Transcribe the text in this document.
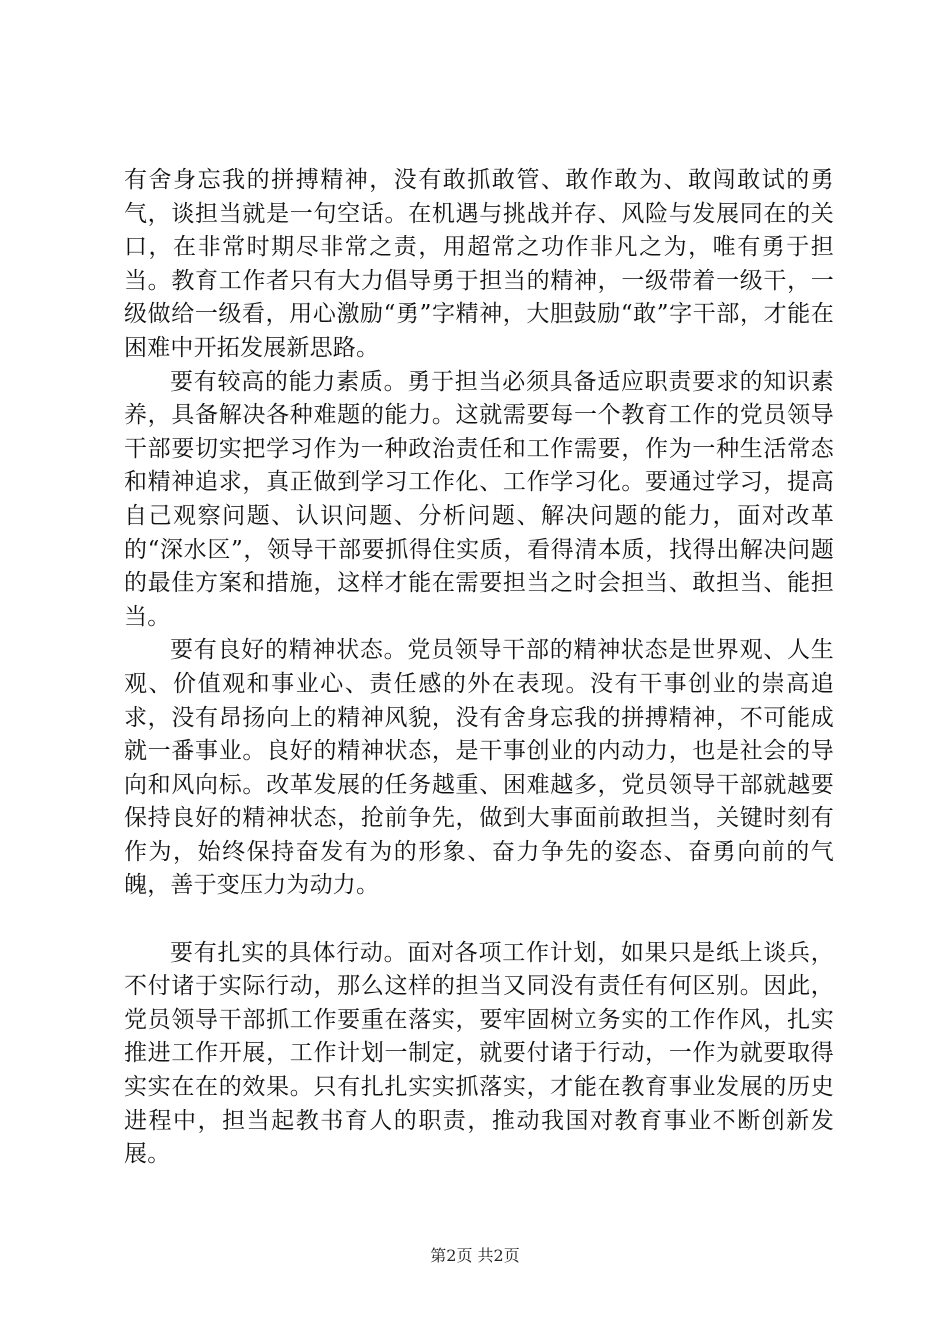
有舍身忘我的拼搏精神，没有敢抓敢管、敢作敢为、敢闯敢试的勇气，谈担当就是一句空话。在机遇与挑战并存、风险与发展同在的关口，在非常时期尽非常之责，用超常之功作非凡之为，唯有勇于担当。教育工作者只有大力倡导勇于担当的精神，一级带着一级干，一级做给一级看，用心激励“勇”字精神，大胆鼓励“敢”字干部，才能在困难中开拓发展新思路。

要有较高的能力素质。勇于担当必须具备适应职责要求的知识素养，具备解决各种难题的能力。这就需要每一个教育工作的党员领导干部要切实把学习作为一种政治责任和工作需要，作为一种生活常态和精神追求，真正做到学习工作化、工作学习化。要通过学习，提高自己观察问题、认识问题、分析问题、解决问题的能力，面对改革的“深水区”，领导干部要抓得住实质，看得清本质，找得出解决问题的最佳方案和措施，这样才能在需要担当之时会担当、敢担当、能担当。

要有良好的精神状态。党员领导干部的精神状态是世界观、人生观、价值观和事业心、责任感的外在表现。没有干事创业的崇高追求，没有昂扬向上的精神风貌，没有舍身忘我的拼搏精神，不可能成就一番事业。良好的精神状态，是干事创业的内动力，也是社会的导向和风向标。改革发展的任务越重、困难越多，党员领导干部就越要保持良好的精神状态，抢前争先，做到大事面前敢担当，关键时刻有作为，始终保持奋发有为的形象、奋力争先的姿态、奋勇向前的气魄，善于变压力为动力。

要有扎实的具体行动。面对各项工作计划，如果只是纸上谈兵，不付诸于实际行动，那么这样的担当又同没有责任有何区别。因此，党员领导干部抓工作要重在落实，要牢固树立务实的工作作风，扎实推进工作开展，工作计划一制定，就要付诸于行动，一作为就要取得实实在在的效果。只有扎扎实实抓落实，才能在教育事业发展的历史进程中，担当起教书育人的职责，推动我国对教育事业不断创新发展。

第2页 共2页
